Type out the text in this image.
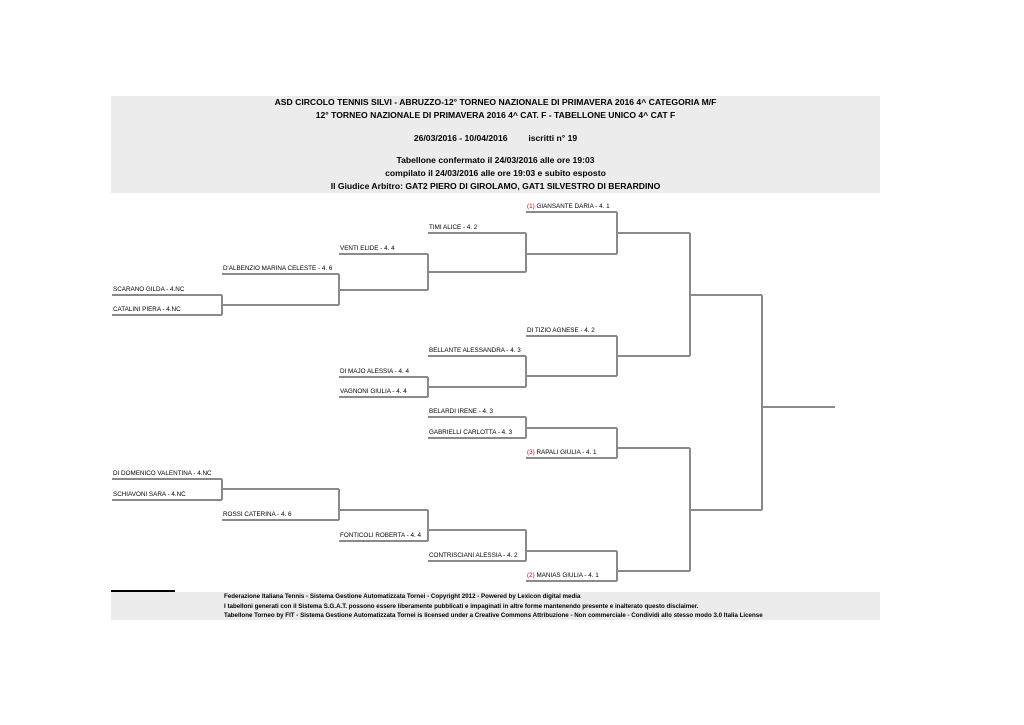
ASD CIRCOLO TENNIS SILVI - ABRUZZO-12° TORNEO NAZIONALE DI PRIMAVERA 2016 4^ CATEGORIA M/F
12° TORNEO NAZIONALE DI PRIMAVERA 2016 4^ CAT. F - TABELLONE UNICO 4^ CAT F
26/03/2016 - 10/04/2016 iscritti n° 19
Tabellone confermato il 24/03/2016 alle ore 19:03
compilato il 24/03/2016 alle ore 19:03 e subito esposto
Il Giudice Arbitro: GAT2 PIERO DI GIROLAMO, GAT1 SILVESTRO DI BERARDINO
SCARANO GILDA - 4.NC
CATALINI PIERA - 4.NC
D'ALBENZIO MARINA CELESTE - 4. 6
VENTI ELIDE - 4. 4
TIMI ALICE - 4. 2
(1) GIANSANTE DARIA - 4. 1
DI TIZIO AGNESE - 4. 2
BELLANTE ALESSANDRA - 4. 3
DI MAJO ALESSIA - 4. 4
VAGNONI GIULIA - 4. 4
BELARDI IRENE - 4. 3
GABRIELLI CARLOTTA - 4. 3
(3) RAPALI GIULIA - 4. 1
DI DOMENICO VALENTINA - 4.NC
SCHIAVONI SARA - 4.NC
ROSSI CATERINA - 4. 6
FONTICOLI ROBERTA - 4. 4
CONTRISCIANI ALESSIA - 4. 2
(2) MANIAS GIULIA - 4. 1
Federazione Italiana Tennis - Sistema Gestione Automatizzata Tornei - Copyright 2012 - Powered by Lexicon digital media
I tabelloni generati con il Sistema S.G.A.T. possono essere liberamente pubblicati e impaginati in altre forme mantenendo presente e inalterato questo disclaimer.
Tabellone Torneo by FIT - Sistema Gestione Automatizzata Tornei is licensed under a Creative Commons Attribuzione - Non commerciale - Condividi allo stesso modo 3.0 Italia License
